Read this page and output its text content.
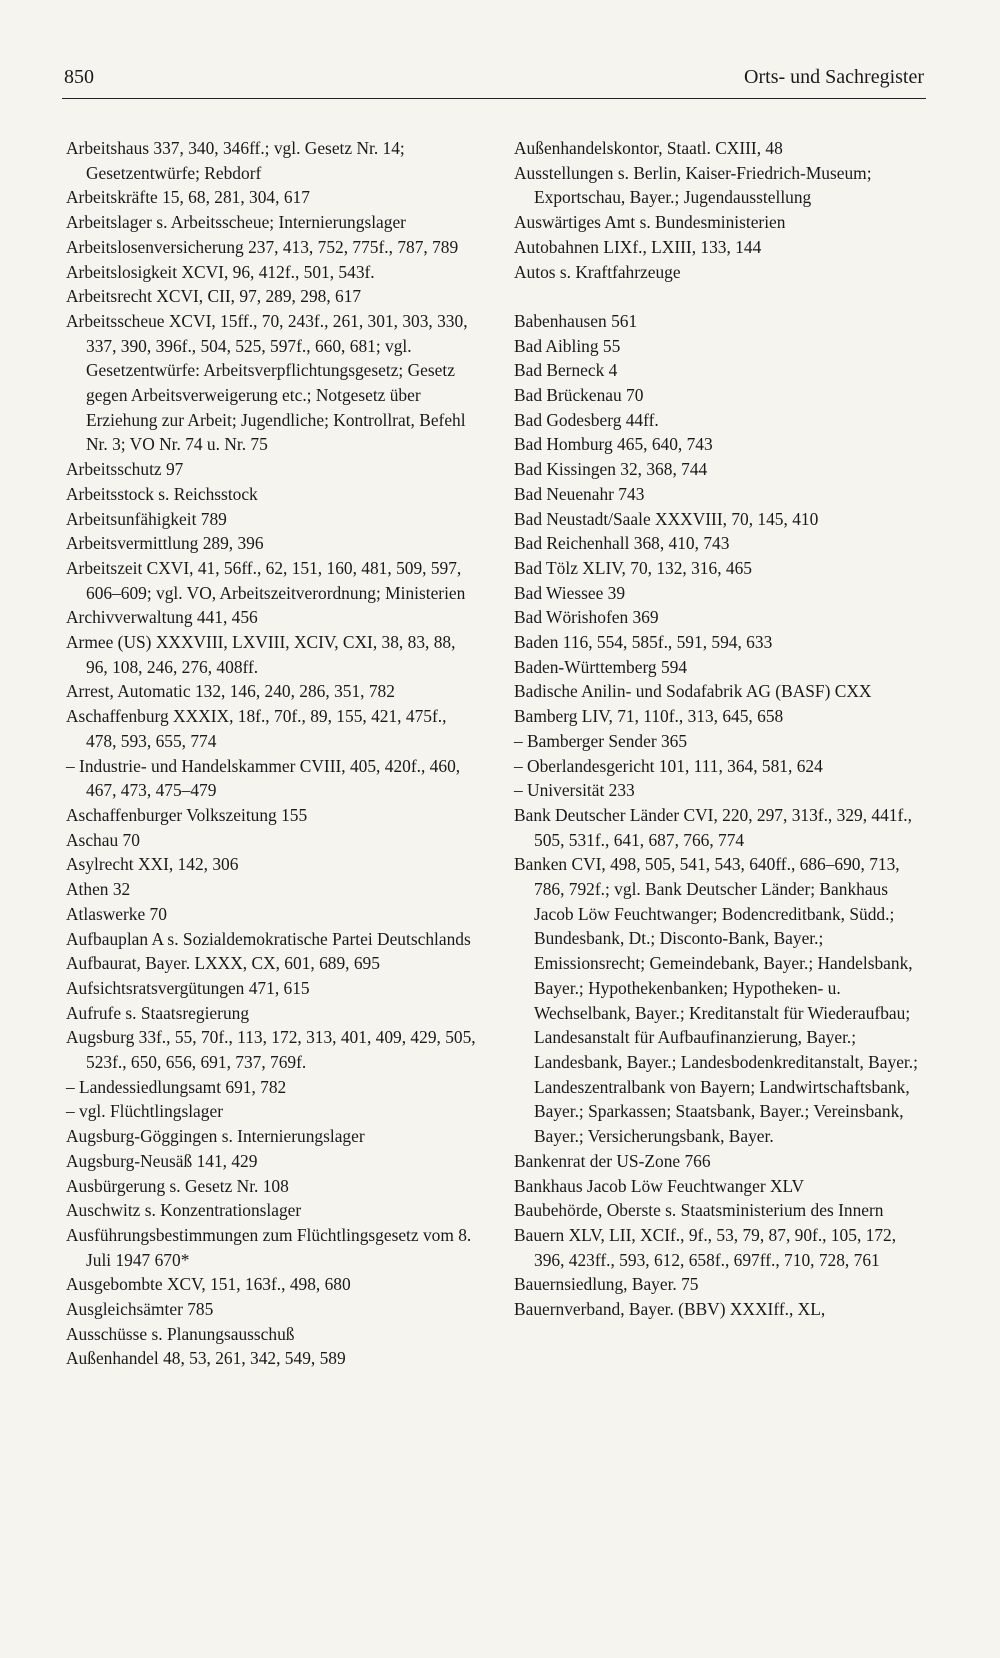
850	Orts- und Sachregister

Arbeitshaus 337, 340, 346ff.; vgl. Gesetz Nr. 14; Gesetzentwürfe; Rebdorf

Arbeitskräfte 15, 68, 281, 304, 617

Arbeitslager s. Arbeitsscheue; Internierungslager

Arbeitslosenversicherung 237, 413, 752, 775f., 787, 789

Arbeitslosigkeit XCVI, 96, 412f., 501, 543f.

Arbeitsrecht XCVI, CII, 97, 289, 298, 617

Arbeitsscheue XCVI, 15ff., 70, 243f., 261, 301, 303, 330, 337, 390, 396f., 504, 525, 597f., 660, 681; vgl. Gesetzentwürfe: Arbeitsverpflichtungsgesetz; Gesetz gegen Arbeitsverweigerung etc.; Notgesetz über Erziehung zur Arbeit; Jugendliche; Kontrollrat, Befehl Nr. 3; VO Nr. 74 u. Nr. 75

Arbeitsschutz 97

Arbeitsstock s. Reichsstock

Arbeitsunfähigkeit 789

Arbeitsvermittlung 289, 396

Arbeitszeit CXVI, 41, 56ff., 62, 151, 160, 481, 509, 597, 606–609; vgl. VO, Arbeitszeitverordnung; Ministerien

Archivverwaltung 441, 456

Armee (US) XXXVIII, LXVIII, XCIV, CXI, 38, 83, 88, 96, 108, 246, 276, 408ff.

Arrest, Automatic 132, 146, 240, 286, 351, 782

Aschaffenburg XXXIX, 18f., 70f., 89, 155, 421, 475f., 478, 593, 655, 774

– Industrie- und Handelskammer CVIII, 405, 420f., 460, 467, 473, 475–479

Aschaffenburger Volkszeitung 155

Aschau 70

Asylrecht XXI, 142, 306

Athen 32

Atlaswerke 70

Aufbauplan A s. Sozialdemokratische Partei Deutschlands

Aufbaurat, Bayer. LXXX, CX, 601, 689, 695

Aufsichtsratsvergütungen 471, 615

Aufrufe s. Staatsregierung

Augsburg 33f., 55, 70f., 113, 172, 313, 401, 409, 429, 505, 523f., 650, 656, 691, 737, 769f.

– Landessiedlungsamt 691, 782

– vgl. Flüchtlingslager

Augsburg-Göggingen s. Internierungslager

Augsburg-Neusäß 141, 429

Ausbürgerung s. Gesetz Nr. 108

Auschwitz s. Konzentrationslager

Ausführungsbestimmungen zum Flüchtlingsgesetz vom 8. Juli 1947 670*

Ausgebombte XCV, 151, 163f., 498, 680

Ausgleichsämter 785

Ausschüsse s. Planungsausschuß

Außenhandel 48, 53, 261, 342, 549, 589

Außenhandelskontor, Staatl. CXIII, 48

Ausstellungen s. Berlin, Kaiser-Friedrich-Museum; Exportschau, Bayer.; Jugendausstellung

Auswärtiges Amt s. Bundesministerien

Autobahnen LIXf., LXIII, 133, 144

Autos s. Kraftfahrzeuge

Babenhausen 561

Bad Aibling 55

Bad Berneck 4

Bad Brückenau 70

Bad Godesberg 44ff.

Bad Homburg 465, 640, 743

Bad Kissingen 32, 368, 744

Bad Neuenahr 743

Bad Neustadt/Saale XXXVIII, 70, 145, 410

Bad Reichenhall 368, 410, 743

Bad Tölz XLIV, 70, 132, 316, 465

Bad Wiessee 39

Bad Wörishofen 369

Baden 116, 554, 585f., 591, 594, 633

Baden-Württemberg 594

Badische Anilin- und Sodafabrik AG (BASF) CXX

Bamberg LIV, 71, 110f., 313, 645, 658

– Bamberger Sender 365

– Oberlandesgericht 101, 111, 364, 581, 624

– Universität 233

Bank Deutscher Länder CVI, 220, 297, 313f., 329, 441f., 505, 531f., 641, 687, 766, 774

Banken CVI, 498, 505, 541, 543, 640ff., 686–690, 713, 786, 792f.; vgl. Bank Deutscher Länder; Bankhaus Jacob Löw Feuchtwanger; Bodencreditbank, Südd.; Bundesbank, Dt.; Disconto-Bank, Bayer.; Emissionsrecht; Gemeindebank, Bayer.; Handelsbank, Bayer.; Hypothekenbanken; Hypotheken- u. Wechselbank, Bayer.; Kreditanstalt für Wiederaufbau; Landesanstalt für Aufbaufinanzierung, Bayer.; Landesbank, Bayer.; Landesbodenkreditanstalt, Bayer.; Landeszentralbank von Bayern; Landwirtschaftsbank, Bayer.; Sparkassen; Staatsbank, Bayer.; Vereinsbank, Bayer.; Versicherungsbank, Bayer.

Bankenrat der US-Zone 766

Bankhaus Jacob Löw Feuchtwanger XLV

Baubehörde, Oberste s. Staatsministerium des Innern

Bauern XLV, LII, XCIf., 9f., 53, 79, 87, 90f., 105, 172, 396, 423ff., 593, 612, 658f., 697ff., 710, 728, 761

Bauernsiedlung, Bayer. 75

Bauernverband, Bayer. (BBV) XXXIff., XL,
